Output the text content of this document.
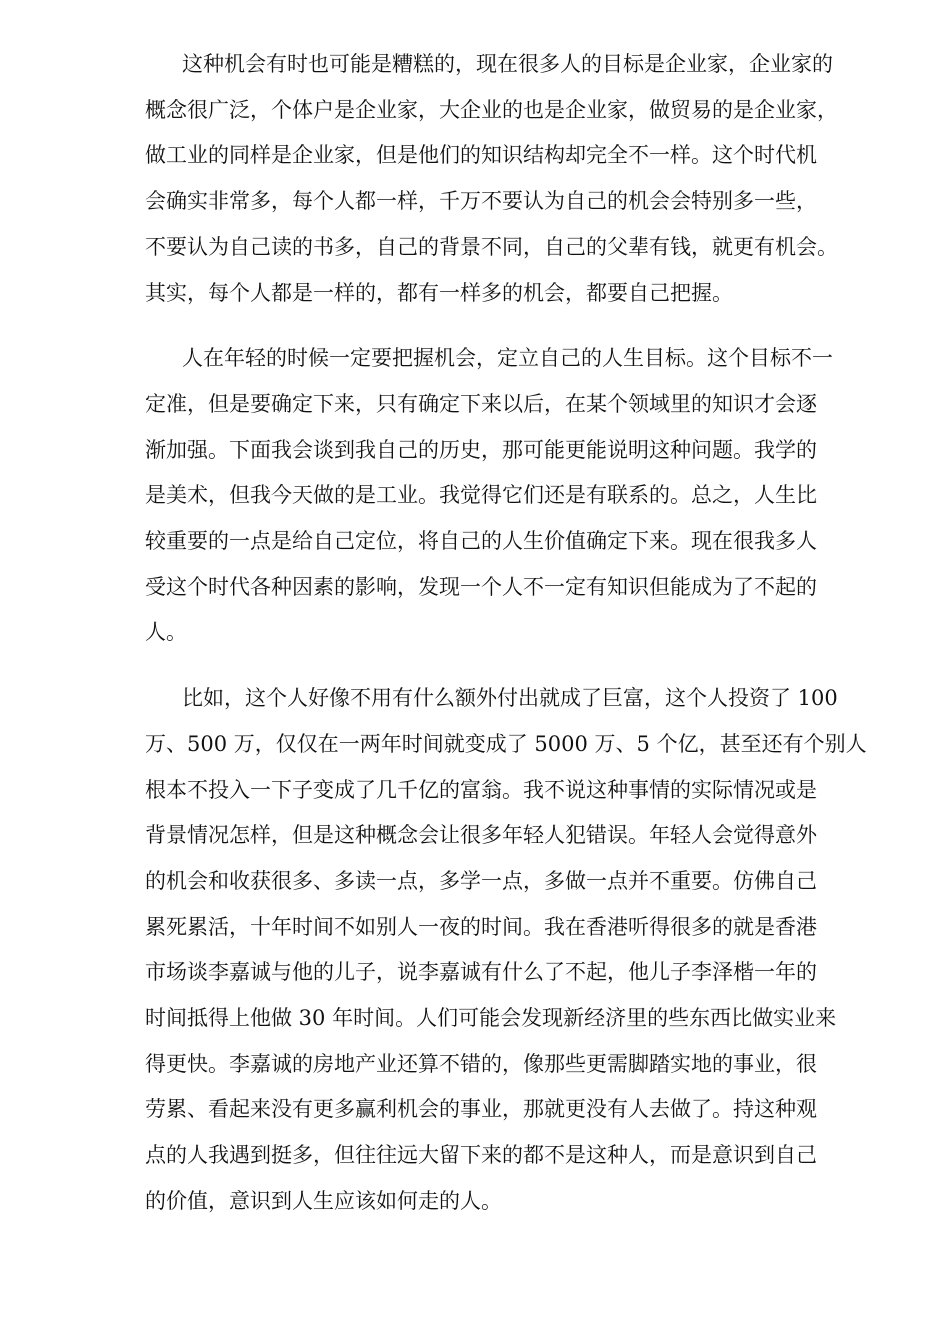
这种机会有时也可能是糟糕的，现在很多人的目标是企业家，企业家的
概念很广泛，个体户是企业家，大企业的也是企业家，做贸易的是企业家，
做工业的同样是企业家，但是他们的知识结构却完全不一样。这个时代机
会确实非常多，每个人都一样，千万不要认为自己的机会会特别多一些，
不要认为自己读的书多，自己的背景不同，自己的父辈有钱，就更有机会。
其实，每个人都是一样的，都有一样多的机会，都要自己把握。
人在年轻的时候一定要把握机会，定立自己的人生目标。这个目标不一
定准，但是要确定下来，只有确定下来以后，在某个领域里的知识才会逐
渐加强。下面我会谈到我自己的历史，那可能更能说明这种问题。我学的
是美术，但我今天做的是工业。我觉得它们还是有联系的。总之，人生比
较重要的一点是给自己定位，将自己的人生价值确定下来。现在很我多人
受这个时代各种因素的影响，发现一个人不一定有知识但能成为了不起的
人。
比如，这个人好像不用有什么额外付出就成了巨富，这个人投资了 100
万、500 万，仅仅在一两年时间就变成了 5000 万、5 个亿，甚至还有个别人
根本不投入一下子变成了几千亿的富翁。我不说这种事情的实际情况或是
背景情况怎样，但是这种概念会让很多年轻人犯错误。年轻人会觉得意外
的机会和收获很多、多读一点，多学一点，多做一点并不重要。仿佛自己
累死累活，十年时间不如别人一夜的时间。我在香港听得很多的就是香港
市场谈李嘉诚与他的儿子，说李嘉诚有什么了不起，他儿子李泽楷一年的
时间抵得上他做 30 年时间。人们可能会发现新经济里的些东西比做实业来
得更快。李嘉诚的房地产业还算不错的，像那些更需脚踏实地的事业，很
劳累、看起来没有更多赢利机会的事业，那就更没有人去做了。持这种观
点的人我遇到挺多，但往往远大留下来的都不是这种人，而是意识到自己
的价值，意识到人生应该如何走的人。
